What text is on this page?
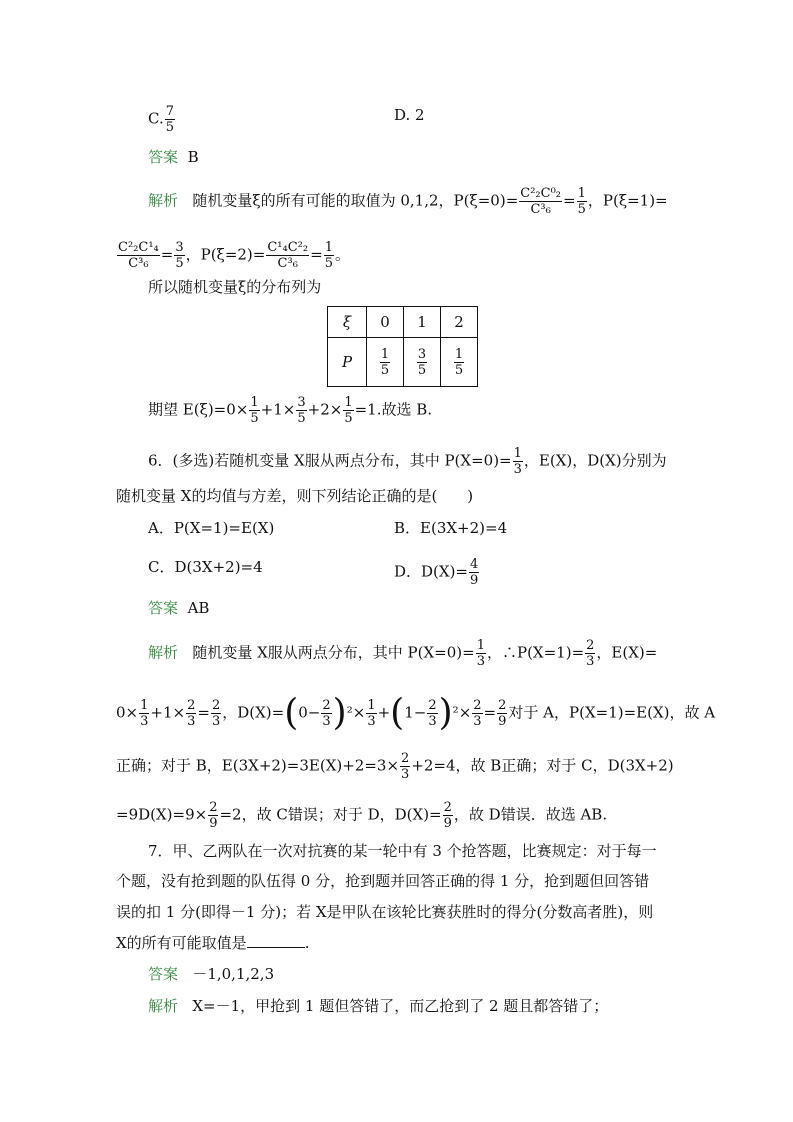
C. $\frac{7}{5}$	D. 2
答案 B
解析 随机变量ξ的所有可能的取值为 0,1,2，$P(\xi=0)= \frac{\text{C²₂C⁰₂}}{\text{C³₆}} = \frac{1}{5}$ ，P(ξ=1)=
$\frac{\text{C²₂C¹₄}}{\text{C³₆}} = \frac{3}{5}$ ，$P(\xi=2)= \frac{\text{C¹₄C²₂}}{\text{C³₆}} = \frac{1}{5}$ 。
所以随机变量ξ的分布列为
ξ	0	1	2
P	$\frac{1}{5}$	$\frac{3}{5}$	$\frac{1}{5}$
期望 $E(\xi)=0\times \frac{1}{5} +1\times \frac{3}{5} +2\times \frac{1}{5} =1$.故选 B.
6．(多选)若随机变量 X服从两点分布，其中 $P(X=0)= \frac{1}{3}$ ，E(X)，D(X)分别为
随机变量 X的均值与方差，则下列结论正确的是(　　)
A．P(X=1)=E(X)	B．E(3X+2)=4
C．D(3X+2)=4	D．$D(X)= \frac{4}{9}$
答案 AB
解析 随机变量 X服从两点分布，其中 $P(X=0)= \frac{1}{3}$ ，∴P(X=1)= $\frac{2}{3}$ ，E(X)=
$0\times \frac{1}{3} +1\times \frac{2}{3} = \frac{2}{3}$ ，$D(X)=(0- \frac{2}{3} )^2\times \frac{1}{3} +(1- \frac{2}{3} )^2\times \frac{2}{3} = \frac{2}{9}$ 对于 A，P(X=1)=E(X)，故 A
正确；对于 B，$E(3X+2)=3E(X)+2=3\times \frac{2}{3} +2=4$，故 B正确；对于 C，D(3X+2)
$=9D(X)=9\times \frac{2}{9} =2$，故 C错误；对于 D，$D(X)= \frac{2}{9}$ ，故 D错误．故选 AB.
7．甲、乙两队在一次对抗赛的某一轮中有 3 个抢答题，比赛规定：对于每一
个题，没有抢到题的队伍得 0 分，抢到题并回答正确的得 1 分，抢到题但回答错
误的扣 1 分(即得－1 分)；若 X是甲队在该轮比赛获胜时的得分(分数高者胜)，则
X的所有可能取值是	.
答案 －1,0,1,2,3
解析 X=－1，甲抢到 1 题但答错了，而乙抢到了 2 题且都答错了；
